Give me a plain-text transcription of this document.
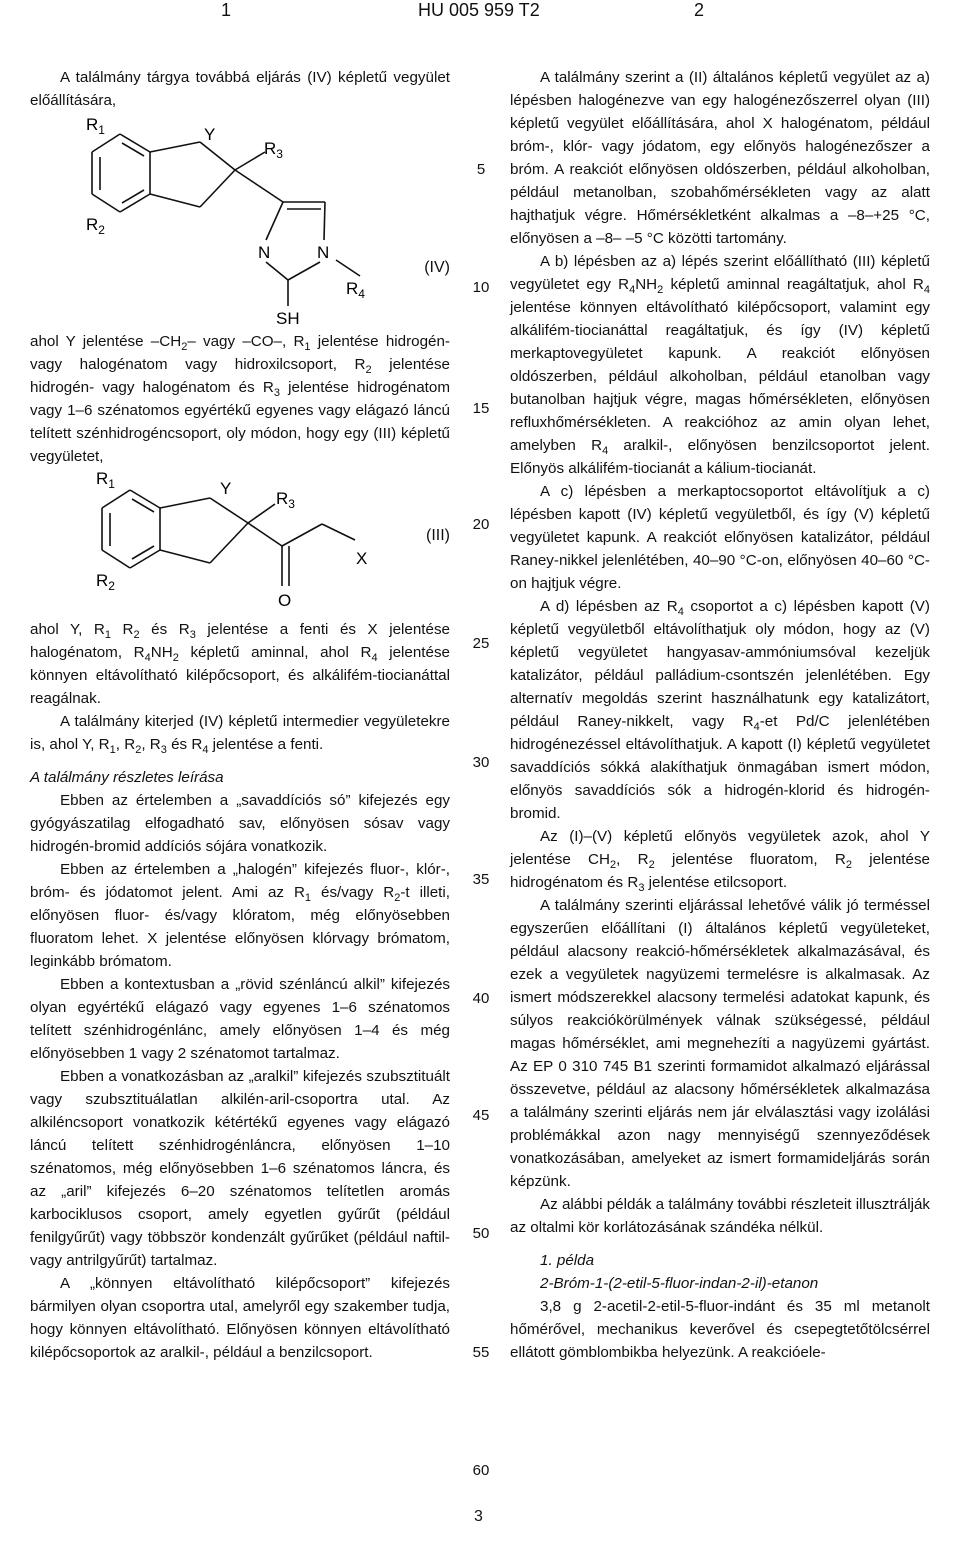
1	HU 005 959 T2	2
5
10
15
20
25
30
35
40
45
50
55
60

A találmány tárgya továbbá eljárás (IV) képletű vegyület előállítására,

$R_1$
$R_2$
Y
$R_3$
N	N
SH
$R_4$
(IV)

ahol Y jelentése $-CH_2-$ vagy –CO–, $R_1$ jelentése hidrogén- vagy halogénatom vagy hidroxilcsoport, $R_2$ jelentése hidrogén- vagy halogénatom és $R_3$ jelentése hidrogénatom vagy 1–6 szénatomos egyértékű egyenes vagy elágazó láncú telített szénhidrogéncsoport, oly módon, hogy egy (III) képletű vegyületet,

$R_1$
$R_2$
Y
$R_3$
X
O
(III)

ahol Y, $R_1$ $R_2$ és $R_3$ jelentése a fenti és X jelentése halogénatom, $R_4NH_2$ képletű aminnal, ahol $R_4$ jelentése könnyen eltávolítható kilépőcsoport, és alkálifém-tiocianáttal reagálnak.

A találmány kiterjed (IV) képletű intermedier vegyületekre is, ahol Y, $R_1$, $R_2$, $R_3$ és $R_4$ jelentése a fenti.

A találmány részletes leírása

Ebben az értelemben a „savaddíciós só” kifejezés egy gyógyászatilag elfogadható sav, előnyösen sósav vagy hidrogén-bromid addíciós sójára vonatkozik.

Ebben az értelemben a „halogén” kifejezés fluor-, klór-, bróm- és jódatomot jelent. Ami az $R_1$ és/vagy $R_2-t$ illeti, előnyösen fluor- és/vagy klóratom, még előnyösebben fluoratom lehet. X jelentése előnyösen klórvagy brómatom, leginkább brómatom.

Ebben a kontextusban a „rövid szénláncú alkil” kifejezés olyan egyértékű elágazó vagy egyenes 1–6 szénatomos telített szénhidrogénlánc, amely előnyösen 1–4 és még előnyösebben 1 vagy 2 szénatomot tartalmaz.

Ebben a vonatkozásban az „aralkil” kifejezés szubsztituált vagy szubsztituálatlan alkilén-aril-csoportra utal. Az alkiléncsoport vonatkozik kétértékű egyenes vagy elágazó láncú telített szénhidrogénláncra, előnyösen 1–10 szénatomos, még előnyösebben 1–6 szénatomos láncra, és az „aril” kifejezés 6–20 szénatomos telítetlen aromás karbociklusos csoport, amely egyetlen gyűrűt (például fenilgyűrűt) vagy többször kondenzált gyűrűket (például naftil- vagy antrilgyűrűt) tartalmaz.

A „könnyen eltávolítható kilépőcsoport” kifejezés bármilyen olyan csoportra utal, amelyről egy szakember tudja, hogy könnyen eltávolítható. Előnyösen könnyen eltávolítható kilépőcsoportok az aralkil-, például a benzilcsoport.

A találmány szerint a (II) általános képletű vegyület az a) lépésben halogénezve van egy halogénezőszerrel olyan (III) képletű vegyület előállítására, ahol X halogénatom, például bróm-, klór- vagy jódatom, egy előnyös halogénezőszer a bróm. A reakciót előnyösen oldószerben, például alkoholban, például metanolban, szobahőmérsékleten vagy az alatt hajthatjuk végre. Hőmérsékletként alkalmas a –8–+25 °C, előnyösen a –8– –5 °C közötti tartomány.

A b) lépésben az a) lépés szerint előállítható (III) képletű vegyületet egy $R_4NH_2$ képletű aminnal reagáltatjuk, ahol $R_4$ jelentése könnyen eltávolítható kilépőcsoport, valamint egy alkálifém-tiocianáttal reagáltatjuk, és így (IV) képletű merkaptovegyületet kapunk. A reakciót előnyösen oldószerben, például alkoholban, például etanolban vagy butanolban hajtjuk végre, magas hőmérsékleten, előnyösen refluxhőmérsékleten. A reakcióhoz az amin olyan lehet, amelyben $R_4$ aralkil-, előnyösen benzilcsoportot jelent. Előnyös alkálifém-tiocianát a kálium-tiocianát.

A c) lépésben a merkaptocsoportot eltávolítjuk a c) lépésben kapott (IV) képletű vegyületből, és így (V) képletű vegyületet kapunk. A reakciót előnyösen katalizátor, például Raney-nikkel jelenlétében, 40–90 °C-on, előnyösen 40–60 °C-on hajtjuk végre.

A d) lépésben az $R_4$ csoportot a c) lépésben kapott (V) képletű vegyületből eltávolíthatjuk oly módon, hogy az (V) képletű vegyületet hangyasav-ammóniumsóval kezeljük katalizátor, például palládium-csontszén jelenlétében. Egy alternatív megoldás szerint használhatunk egy katalizátort, például Raney-nikkelt, vagy $R_4-et$ Pd/C jelenlétében hidrogénezéssel eltávolíthatjuk. A kapott (I) képletű vegyületet savaddíciós sókká alakíthatjuk önmagában ismert módon, előnyös savaddíciós sók a hidrogén-klorid és hidrogén-bromid.

Az (I)–(V) képletű előnyös vegyületek azok, ahol Y jelentése $CH_2$, $R_2$ jelentése fluoratom, $R_2$ jelentése hidrogénatom és $R_3$ jelentése etilcsoport.

A találmány szerinti eljárással lehetővé válik jó terméssel egyszerűen előállítani (I) általános képletű vegyületeket, például alacsony reakció-hőmérsékletek alkalmazásával, és ezek a vegyületek nagyüzemi termelésre is alkalmasak. Az ismert módszerekkel alacsony termelési adatokat kapunk, és súlyos reakciókörülmények válnak szükségessé, például magas hőmérséklet, ami megnehezíti a nagyüzemi gyártást. Az EP 0 310 745 B1 szerinti formamidot alkalmazó eljárással összevetve, például az alacsony hőmérsékletek alkalmazása a találmány szerinti eljárás nem jár elválasztási vagy izolálási problémákkal azon nagy mennyiségű szennyeződések vonatkozásában, amelyeket az ismert formamideljárás során képzünk.

Az alábbi példák a találmány további részleteit illusztrálják az oltalmi kör korlátozásának szándéka nélkül.

1. példa

2-Bróm-1-(2-etil-5-fluor-indan-2-il)-etanon

3,8 g 2-acetil-2-etil-5-fluor-indánt és 35 ml metanolt hőmérővel, mechanikus keverővel és csepegtetőtölcsérrel ellátott gömblombikba helyezünk. A reakcióele-

3
